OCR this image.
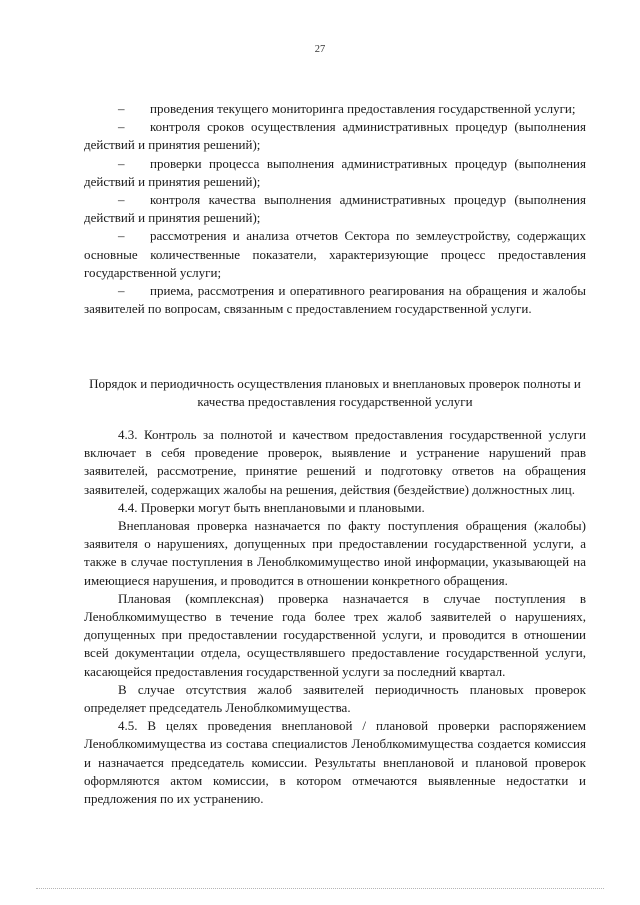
27

– проведения текущего мониторинга предоставления государственной услуги;

– контроля сроков осуществления административных процедур (выполнения действий и принятия решений);

– проверки процесса выполнения административных процедур (выполнения действий и принятия решений);

– контроля качества выполнения административных процедур (выполнения действий и принятия решений);

– рассмотрения и анализа отчетов Сектора по землеустройству, содержащих основные количественные показатели, характеризующие процесс предоставления государственной услуги;

– приема, рассмотрения и оперативного реагирования на обращения и жалобы заявителей по вопросам, связанным с предоставлением государственной услуги.

Порядок и периодичность осуществления плановых и внеплановых проверок полноты и качества предоставления государственной услуги

4.3. Контроль за полнотой и качеством предоставления государственной услуги включает в себя проведение проверок, выявление и устранение нарушений прав заявителей, рассмотрение, принятие решений и подготовку ответов на обращения заявителей, содержащих жалобы на решения, действия (бездействие) должностных лиц.

4.4. Проверки могут быть внеплановыми и плановыми.

Внеплановая проверка назначается по факту поступления обращения (жалобы) заявителя о нарушениях, допущенных при предоставлении государственной услуги, а также в случае поступления в Леноблкомимущество иной информации, указывающей на имеющиеся нарушения, и проводится в отношении конкретного обращения.

Плановая (комплексная) проверка назначается в случае поступления в Леноблкомимущество в течение года более трех жалоб заявителей о нарушениях, допущенных при предоставлении государственной услуги, и проводится в отношении всей документации отдела, осуществлявшего предоставление государственной услуги, касающейся предоставления государственной услуги за последний квартал.

В случае отсутствия жалоб заявителей периодичность плановых проверок определяет председатель Леноблкомимущества.

4.5. В целях проведения внеплановой / плановой проверки распоряжением Леноблкомимущества из состава специалистов Леноблкомимущества создается комиссия и назначается председатель комиссии. Результаты внеплановой и плановой проверок оформляются актом комиссии, в котором отмечаются выявленные недостатки и предложения по их устранению.
